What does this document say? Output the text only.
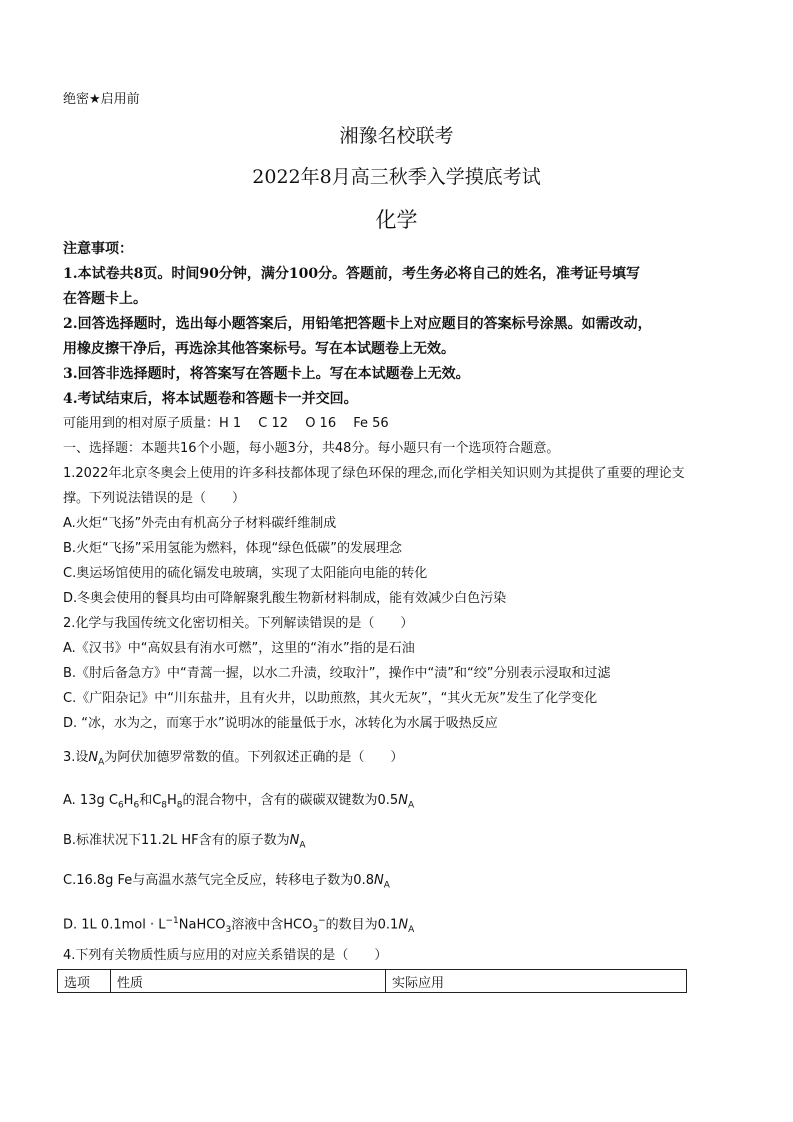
绝密★启用前
湘豫名校联考
2022年8月高三秋季入学摸底考试
化学
注意事项：
1.本试卷共8页。时间90分钟，满分100分。答题前，考生务必将自己的姓名，准考证号填写
在答题卡上。
2.回答选择题时，选出每小题答案后，用铅笔把答题卡上对应题目的答案标号涂黑。如需改动，
用橡皮擦干净后，再选涂其他答案标号。写在本试题卷上无效。
3.回答非选择题时，将答案写在答题卡上。写在本试题卷上无效。
4.考试结束后，将本试题卷和答题卡一并交回。
可能用到的相对原子质量：H 1　 C 12　 O 16　 Fe 56
一、选择题：本题共16个小题，每小题3分，共48分。每小题只有一个选项符合题意。
1.2022年北京冬奥会上使用的许多科技都体现了绿色环保的理念,而化学相关知识则为其提供了重要的理论支
撑。下列说法错误的是（　　）
A.火炬“飞扬”外壳由有机高分子材料碳纤维制成
B.火炬“飞扬”采用氢能为燃料，体现“绿色低碳”的发展理念
C.奥运场馆使用的硫化镉发电玻璃，实现了太阳能向电能的转化
D.冬奥会使用的餐具均由可降解聚乳酸生物新材料制成，能有效减少白色污染
2.化学与我国传统文化密切相关。下列解读错误的是（　　）
A.《汉书》中“高奴县有洧水可燃”，这里的“洧水”指的是石油
B.《肘后备急方》中“青蒿一握，以水二升渍，绞取汁”，操作中“渍”和“绞”分别表示浸取和过滤
C.《广阳杂记》中“川东盐井，且有火井，以助煎熬，其火无灰”，“其火无灰”发生了化学变化
D. “冰，水为之，而寒于水”说明冰的能量低于水，冰转化为水属于吸热反应
3.设$N_A$为阿伏加德罗常数的值。下列叙述正确的是（　　）
A. 13g $C_6H_6$和$C_8H_8$的混合物中，含有的碳碳双键数为$0.5N_A$
B.标准状况下11.2L HF含有的原子数为$N_A$
C.16.8g Fe与高温水蒸气完全反应，转移电子数为$0.8N_A$
D. 1L $0.1mol \cdot L^{-1}NaHCO_3$溶液中含$HCO_3^-$的数目为$0.1N_A$
4.下列有关物质性质与应用的对应关系错误的是（　　）
选项	性质	实际应用
